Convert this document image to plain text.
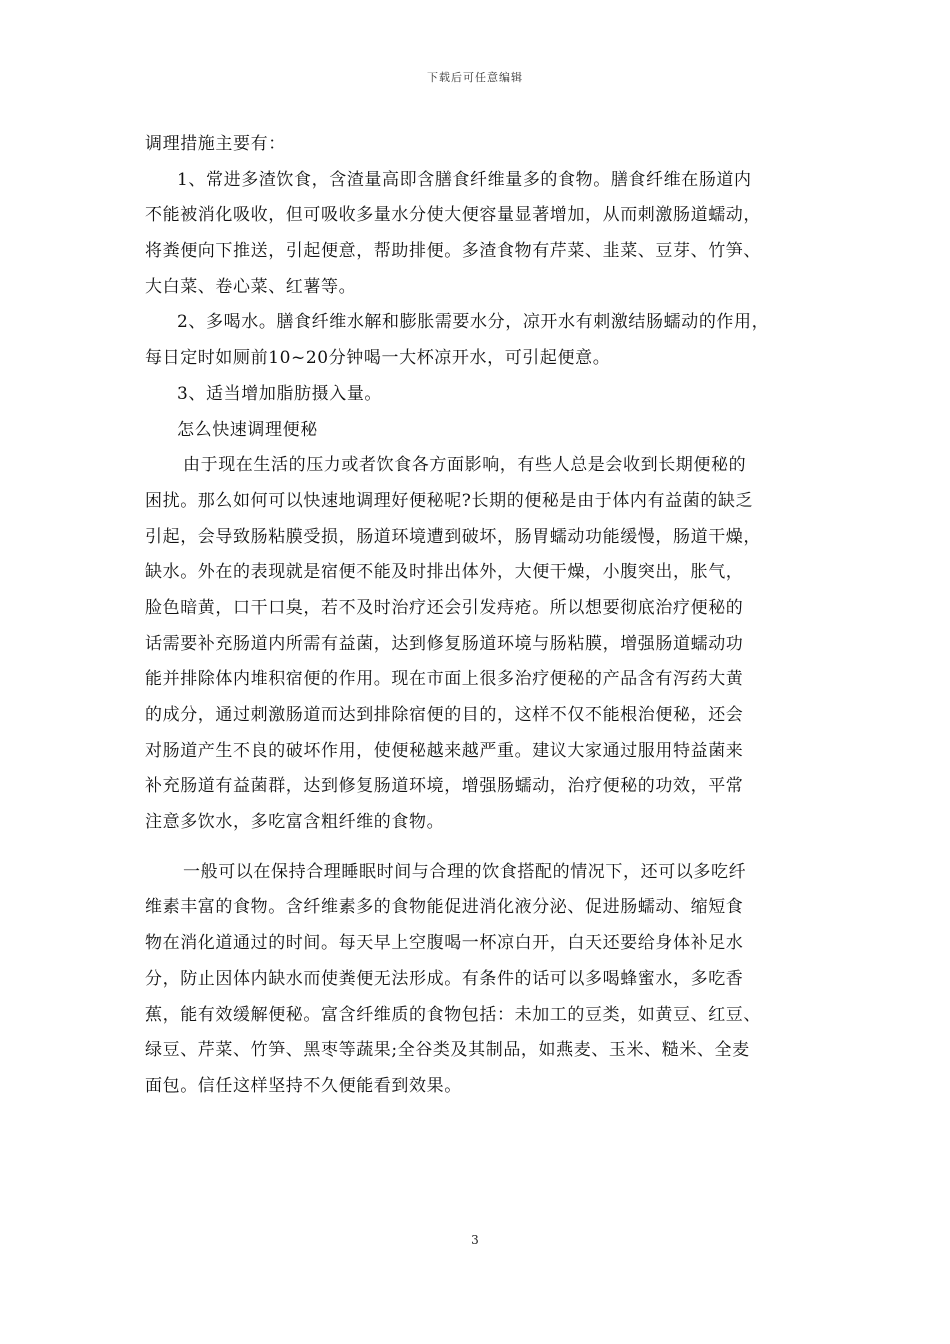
下载后可任意编辑
调理措施主要有：
1、常进多渣饮食，含渣量高即含膳食纤维量多的食物。膳食纤维在肠道内
不能被消化吸收，但可吸收多量水分使大便容量显著增加，从而刺激肠道蠕动，
将粪便向下推送，引起便意，帮助排便。多渣食物有芹菜、韭菜、豆芽、竹笋、
大白菜、卷心菜、红薯等。
2、多喝水。膳食纤维水解和膨胀需要水分，凉开水有刺激结肠蠕动的作用，
每日定时如厕前10~20分钟喝一大杯凉开水，可引起便意。
3、适当增加脂肪摄入量。
怎么快速调理便秘
由于现在生活的压力或者饮食各方面影响，有些人总是会收到长期便秘的
困扰。那么如何可以快速地调理好便秘呢?长期的便秘是由于体内有益菌的缺乏
引起，会导致肠粘膜受损，肠道环境遭到破坏，肠胃蠕动功能缓慢，肠道干燥，
缺水。外在的表现就是宿便不能及时排出体外，大便干燥，小腹突出，胀气，
脸色暗黄，口干口臭，若不及时治疗还会引发痔疮。所以想要彻底治疗便秘的
话需要补充肠道内所需有益菌，达到修复肠道环境与肠粘膜，增强肠道蠕动功
能并排除体内堆积宿便的作用。现在市面上很多治疗便秘的产品含有泻药大黄
的成分，通过刺激肠道而达到排除宿便的目的，这样不仅不能根治便秘，还会
对肠道产生不良的破坏作用，使便秘越来越严重。建议大家通过服用特益菌来
补充肠道有益菌群，达到修复肠道环境，增强肠蠕动，治疗便秘的功效，平常
注意多饮水，多吃富含粗纤维的食物。
一般可以在保持合理睡眠时间与合理的饮食搭配的情况下，还可以多吃纤
维素丰富的食物。含纤维素多的食物能促进消化液分泌、促进肠蠕动、缩短食
物在消化道通过的时间。每天早上空腹喝一杯凉白开，白天还要给身体补足水
分，防止因体内缺水而使粪便无法形成。有条件的话可以多喝蜂蜜水，多吃香
蕉，能有效缓解便秘。富含纤维质的食物包括：未加工的豆类，如黄豆、红豆、
绿豆、芹菜、竹笋、黑枣等蔬果;全谷类及其制品，如燕麦、玉米、糙米、全麦
面包。信任这样坚持不久便能看到效果。
3
